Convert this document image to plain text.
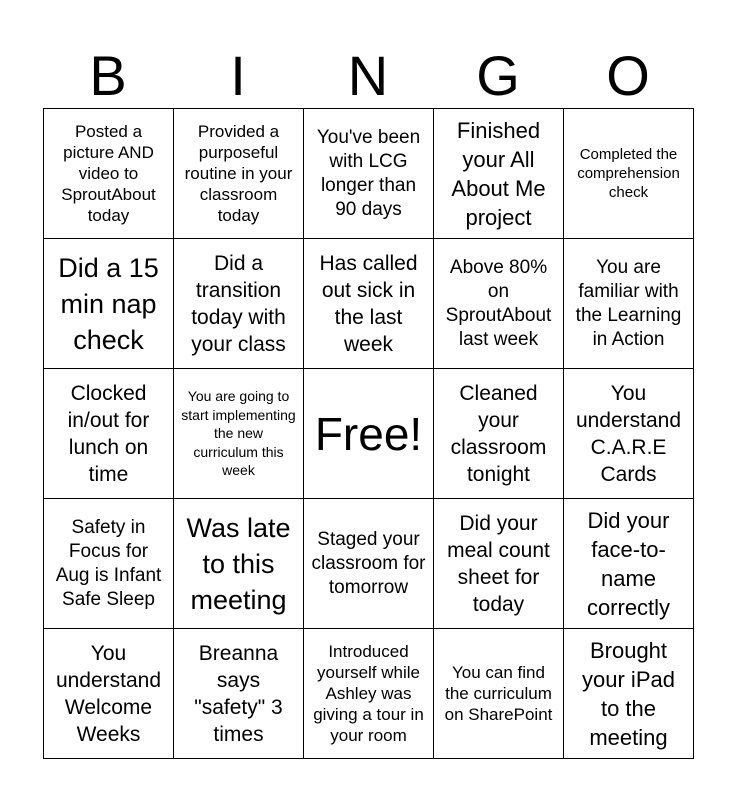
B	I	N	G	O
Posted a picture AND video to SproutAbout today	Provided a purposeful routine in your classroom today	You've been with LCG longer than 90 days	Finished your All About Me project	Completed the comprehension check

Did a 15 min nap check	Did a transition today with your class	Has called out sick in the last week	Above 80% on SproutAbout last week	You are familiar with the Learning in Action

Clocked in/out for lunch on time	You are going to start implementing the new curriculum this week	Free!	Cleaned your classroom tonight	You understand C.A.R.E Cards

Safety in Focus for Aug is Infant Safe Sleep	Was late to this meeting	Staged your classroom for tomorrow	Did your meal count sheet for today	Did your face-to-name correctly

You understand Welcome Weeks	Breanna says "safety" 3 times	Introduced yourself while Ashley was giving a tour in your room	You can find the curriculum on SharePoint	Brought your iPad to the meeting
